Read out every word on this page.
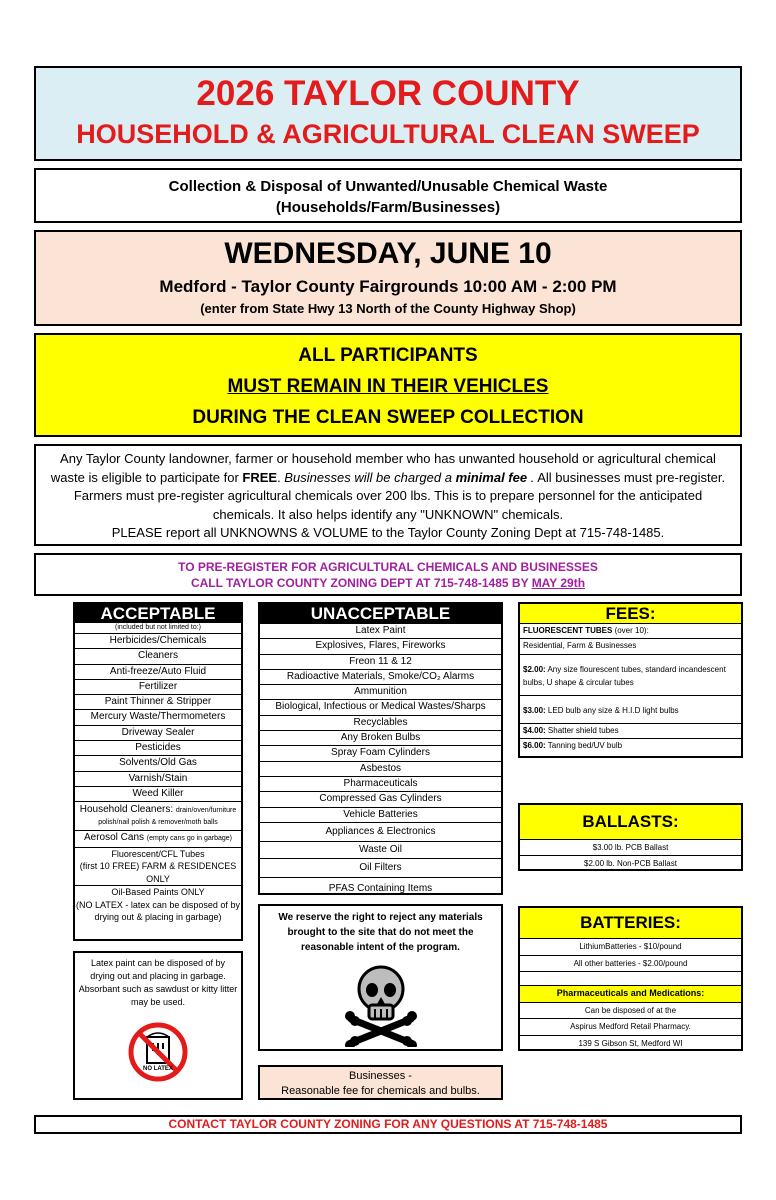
2026 TAYLOR COUNTY
HOUSEHOLD & AGRICULTURAL CLEAN SWEEP
Collection & Disposal of Unwanted/Unusable Chemical Waste
(Households/Farm/Businesses)
WEDNESDAY, JUNE 10
Medford - Taylor County Fairgrounds 10:00 AM - 2:00 PM
(enter from State Hwy 13 North of the County Highway Shop)
ALL PARTICIPANTS
MUST REMAIN IN THEIR VEHICLES
DURING THE CLEAN SWEEP COLLECTION
Any Taylor County landowner, farmer or household member who has unwanted household or agricultural chemical waste is eligible to participate for FREE. Businesses will be charged a minimal fee . All businesses must pre-register. Farmers must pre-register agricultural chemicals over 200 lbs. This is to prepare personnel for the anticipated chemicals. It also helps identify any "UNKNOWN" chemicals.
PLEASE report all UNKNOWNS & VOLUME to the Taylor County Zoning Dept at 715-748-1485.
TO PRE-REGISTER FOR AGRICULTURAL CHEMICALS AND BUSINESSES
CALL TAYLOR COUNTY ZONING DEPT AT 715-748-1485 BY MAY 29th
ACCEPTABLE
(included but not limited to:)
Herbicides/Chemicals
Cleaners
Anti-freeze/Auto Fluid
Fertilizer
Paint Thinner & Stripper
Mercury Waste/Thermometers
Driveway Sealer
Pesticides
Solvents/Old Gas
Varnish/Stain
Weed Killer
Household Cleaners: drain/oven/furniture polish/nail polish & remover/moth balls
Aerosol Cans (empty cans go in garbage)
Fluorescent/CFL Tubes
(first 10 FREE) FARM & RESIDENCES ONLY
Oil-Based Paints ONLY
(NO LATEX - latex can be disposed of by drying out & placing in garbage)
Latex paint can be disposed of by drying out and placing in garbage. Absorbant such as sawdust or kitty litter may be used.
NO LATEX
UNACCEPTABLE
Latex Paint
Explosives, Flares, Fireworks
Freon 11 & 12
Radioactive Materials, Smoke/CO₂ Alarms
Ammunition
Biological, Infectious or Medical Wastes/Sharps
Recyclables
Any Broken Bulbs
Spray Foam Cylinders
Asbestos
Pharmaceuticals
Compressed Gas Cylinders
Vehicle Batteries
Appliances & Electronics
Waste Oil
Oil Filters
PFAS Containing Items
We reserve the right to reject any materials brought to the site that do not meet the reasonable intent of the program.
Businesses -
Reasonable fee for chemicals and bulbs.
FEES:
FLUORESCENT TUBES (over 10):
Residential, Farm & Businesses
$2.00: Any size flourescent tubes, standard incandescent bulbs, U shape & circular tubes
$3.00: LED bulb any size & H.I.D light bulbs
$4.00: Shatter shield tubes
$6.00: Tanning bed/UV bulb
BALLASTS:
$3.00 lb. PCB Ballast
$2.00 lb. Non-PCB Ballast
BATTERIES:
LithiumBatteries - $10/pound
All other batteries - $2.00/pound
Pharmaceuticals and Medications:
Can be disposed of at the
Aspirus Medford Retail Pharmacy.
139 S Gibson St, Medford WI
CONTACT TAYLOR COUNTY ZONING FOR ANY QUESTIONS AT 715-748-1485
